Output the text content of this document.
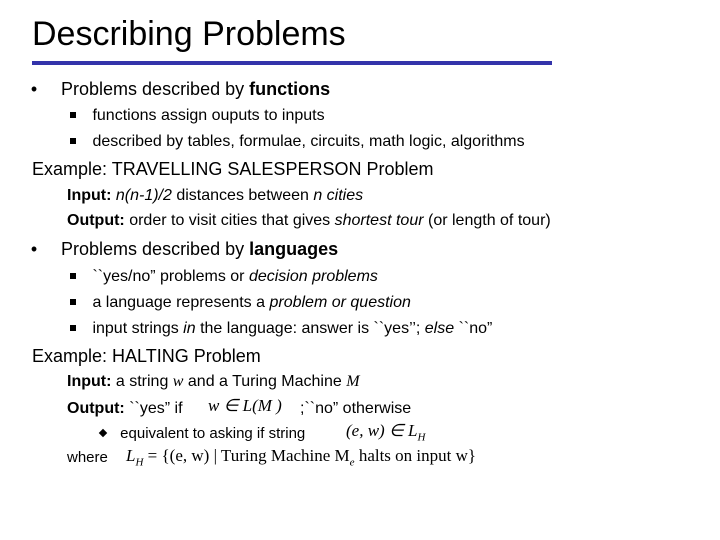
Describing Problems
• Problems described by functions
functions assign ouputs to inputs
described by tables, formulae, circuits, math logic, algorithms
Example: TRAVELLING SALESPERSON Problem
Input: n(n-1)/2 distances between n cities
Output: order to visit cities that gives shortest tour (or length of tour)
• Problems described by languages
``yes/no” problems or decision problems
a language represents a problem or question
input strings in the language: answer is ``yes’’; else ``no”
Example: HALTING Problem
Input: a string w and a Turing Machine M
Output: ``yes” if w ∈ L(M ) ;``no” otherwise
equivalent to asking if string (e, w) ∈ $L_H$
where $L_H = \{(e$, w) | Turing Machine $M_e$ halts on input w}
